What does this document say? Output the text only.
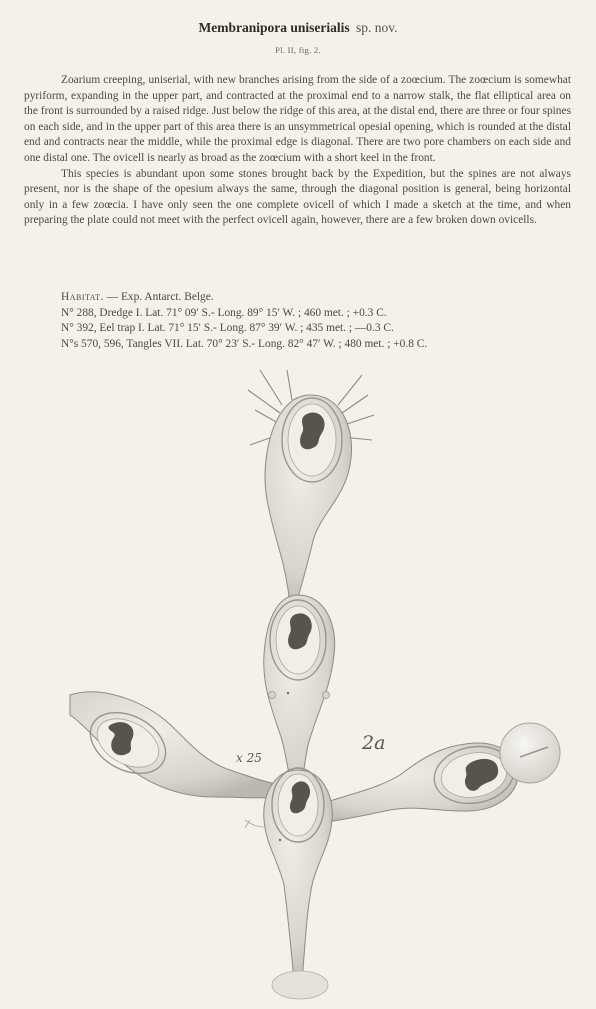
Membranipora uniserialis sp. nov.
Pl. II, fig. 2.

Zoarium creeping, uniserial, with new branches arising from the side of a zoœcium. The zoœcium is somewhat pyriform, expanding in the upper part, and contracted at the proximal end to a narrow stalk, the flat elliptical area on the front is surrounded by a raised ridge. Just below the ridge of this area, at the distal end, there are three or four spines on each side, and in the upper part of this area there is an unsymmetrical opesial opening, which is rounded at the distal end and contracts near the middle, while the proximal edge is diagonal. There are two pore chambers on each side and one distal one. The ovicell is nearly as broad as the zoœcium with a short keel in the front.

This species is abundant upon some stones brought back by the Expedition, but the spines are not always present, nor is the shape of the opesium always the same, through the diagonal position is general, being horizontal only in a few zoœcia. I have only seen the one complete ovicell of which I made a sketch at the time, and when preparing the plate could not meet with the perfect ovicell again, however, there are a few broken down ovicells.

Habitat. — Exp. Antarct. Belge.
N° 288, Dredge I. Lat. 71° 09′ S.- Long. 89° 15′ W. ; 460 met. ; +0.3 C.
N° 392, Eel trap I. Lat. 71° 15′ S.- Long. 87° 39′ W. ; 435 met. ; —0.3 C.
N°s 570, 596, Tangles VII. Lat. 70° 23′ S.- Long. 82° 47′ W. ; 480 met. ; +0.8 C.
2a
x 25
